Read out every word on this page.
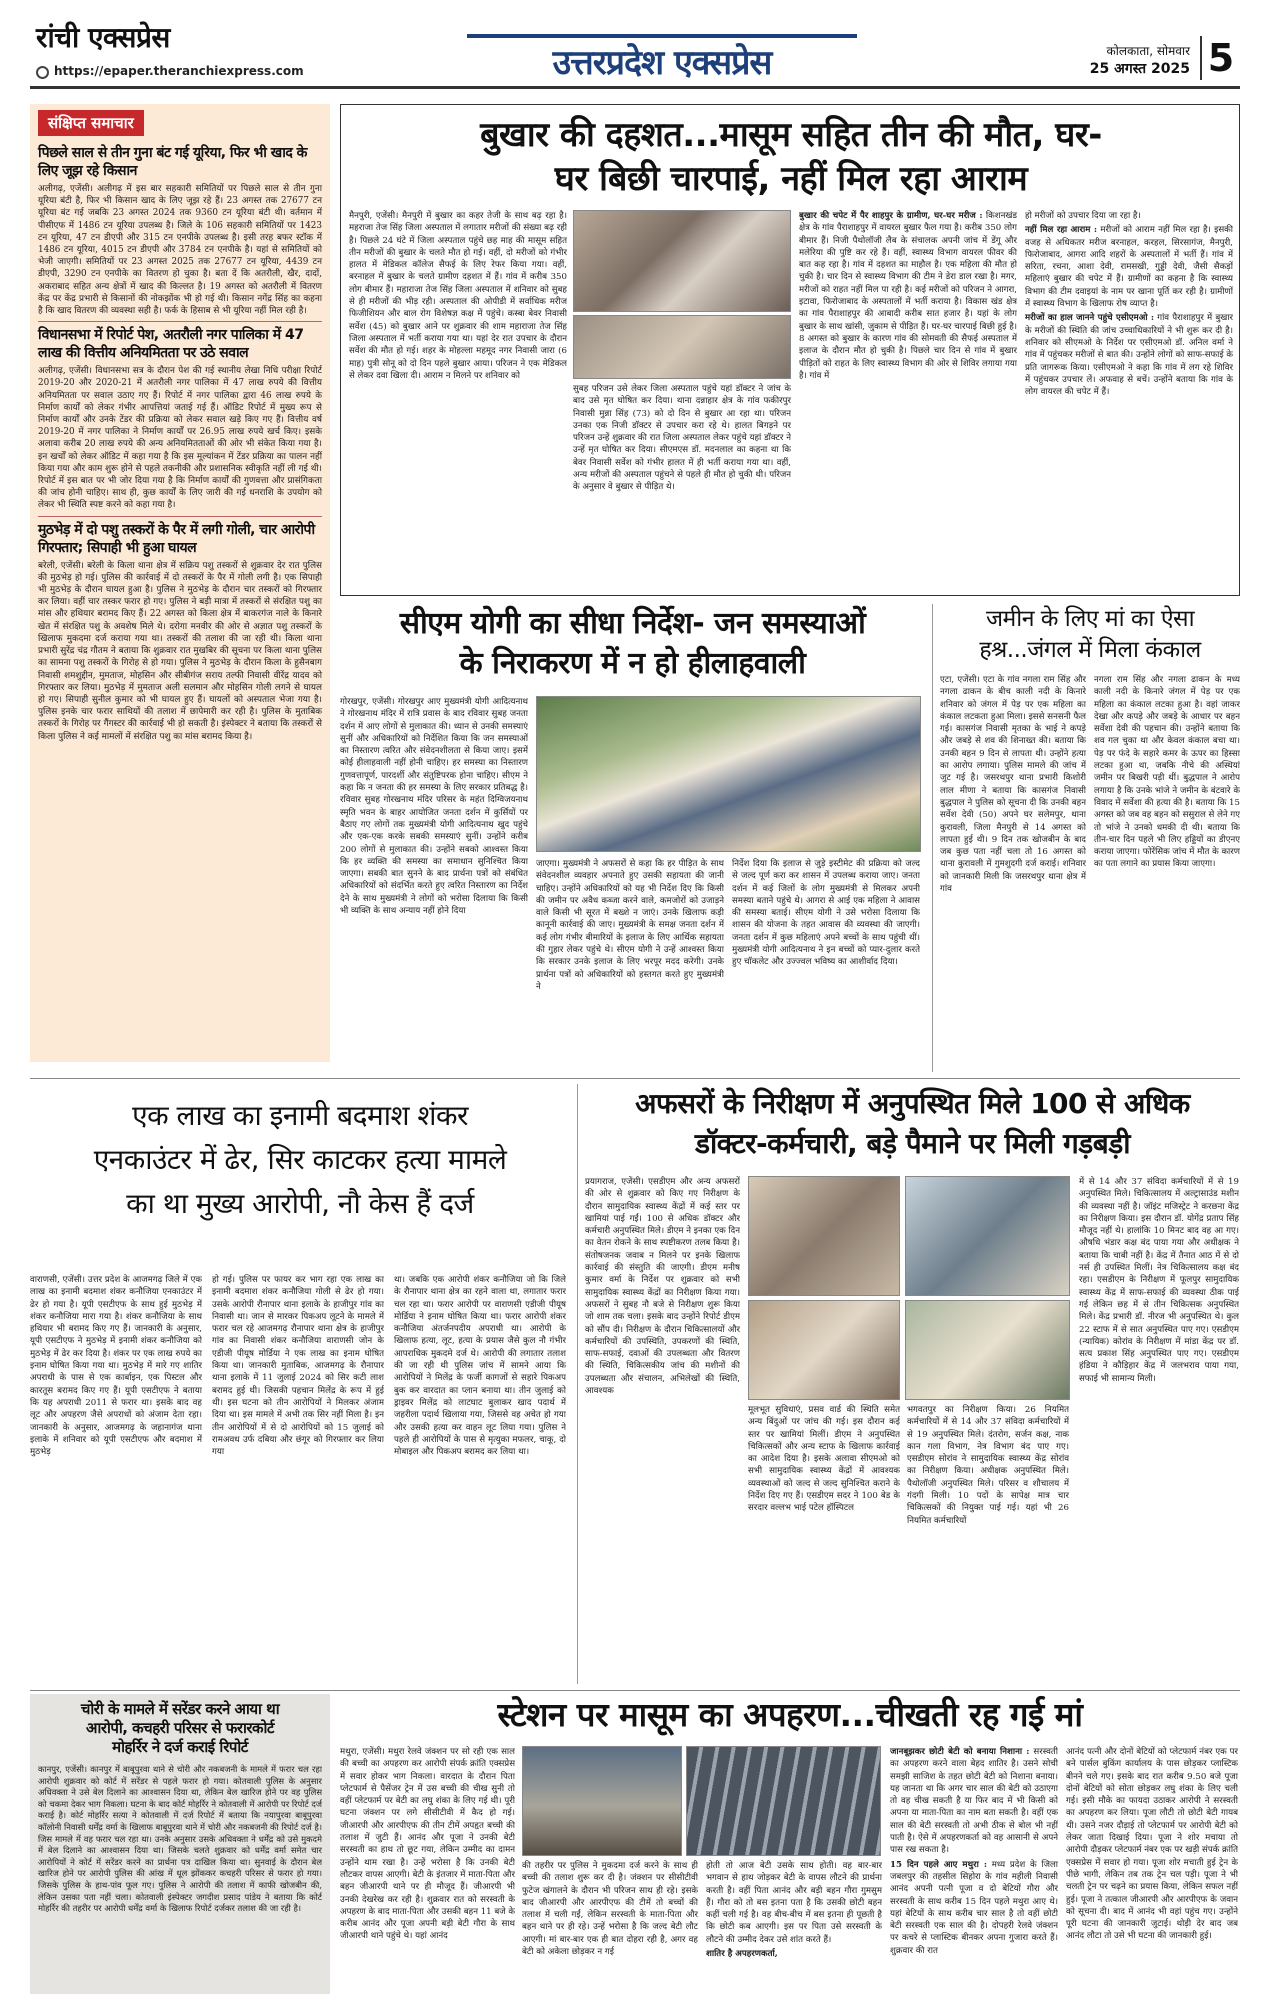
रांची एक्सप्रेस
https://epaper.theranchiexpress.com	उत्तरप्रदेश एक्सप्रेस	कोलकाता, सोमवार
25 अगस्त 2025 5
संक्षिप्त समाचार
पिछले साल से तीन गुना बंट गई यूरिया, फिर भी खाद के लिए जूझ रहे किसान

अलीगढ़, एजेंसी। अलीगढ़ में इस बार सहकारी समितियों पर पिछले साल से तीन गुना यूरिया बंटी है, फिर भी किसान खाद के लिए जूझ रहे हैं। 23 अगस्त तक 27677 टन यूरिया बंट गई जबकि 23 अगस्त 2024 तक 9360 टन यूरिया बंटी थी। वर्तमान में पीसीएफ में 1486 टन यूरिया उपलब्ध है। जिले के 106 सहकारी समितियों पर 1423 टन यूरिया, 47 टन डीएपी और 315 टन एनपीके उपलब्ध है। इसी तरह बफर स्टॉक में 1486 टन यूरिया, 4015 टन डीएपी और 3784 टन एनपीके है। यहां से समितियों को भेजी जाएगी। समितियों पर 23 अगस्त 2025 तक 27677 टन यूरिया, 4439 टन डीएपी, 3290 टन एनपीके का वितरण हो चुका है। बता दें कि अतरौली, खैर, दादों, अकराबाद सहित अन्य क्षेत्रों में खाद की किल्लत है। 19 अगस्त को अतरौली में वितरण केंद्र पर केंद्र प्रभारी से किसानों की नोकझोंक भी हो गई थी। किसान नगेंद्र सिंह का कहना है कि खाद वितरण की व्यवस्था सही है। फर्क के हिसाब से भी यूरिया नहीं मिल रही है।

विधानसभा में रिपोर्ट पेश, अतरौली नगर पालिका में 47 लाख की वित्तीय अनियमितता पर उठे सवाल

अलीगढ़, एजेंसी। विधानसभा सत्र के दौरान पेश की गई स्थानीय लेखा निधि परीक्षा रिपोर्ट 2019-20 और 2020-21 में अतरौली नगर पालिका में 47 लाख रुपये की वित्तीय अनियमितता पर सवाल उठाए गए हैं। रिपोर्ट में नगर पालिका द्वारा 46 लाख रुपये के निर्माण कार्यों को लेकर गंभीर आपत्तियां जताई गई हैं। ऑडिट रिपोर्ट में मुख्य रूप से निर्माण कार्यों और उनके टेंडर की प्रक्रिया को लेकर सवाल खड़े किए गए हैं। वित्तीय वर्ष 2019-20 में नगर पालिका ने निर्माण कार्यों पर 26.95 लाख रुपये खर्च किए। इसके अलावा करीब 20 लाख रुपये की अन्य अनियमितताओं की ओर भी संकेत किया गया है। इन खर्चों को लेकर ऑडिट में कहा गया है कि इस मूल्यांकन में टेंडर प्रक्रिया का पालन नहीं किया गया और काम शुरू होने से पहले तकनीकी और प्रशासनिक स्वीकृति नहीं ली गई थी। रिपोर्ट में इस बात पर भी जोर दिया गया है कि निर्माण कार्यों की गुणवत्ता और प्रासंगिकता की जांच होनी चाहिए। साथ ही, कुछ कार्यों के लिए जारी की गई धनराशि के उपयोग को लेकर भी स्थिति स्पष्ट करने को कहा गया है।

मुठभेड़ में दो पशु तस्करों के पैर में लगी गोली, चार आरोपी गिरफ्तार; सिपाही भी हुआ घायल

बरेली, एजेंसी। बरेली के किला थाना क्षेत्र में सक्रिय पशु तस्करों से शुक्रवार देर रात पुलिस की मुठभेड़ हो गई। पुलिस की कार्रवाई में दो तस्करों के पैर में गोली लगी है। एक सिपाही भी मुठभेड़ के दौरान घायल हुआ है। पुलिस ने मुठभेड़ के दौरान चार तस्करों को गिरफ्तार कर लिया। वहीं चार तस्कर फरार हो गए। पुलिस ने बड़ी मात्रा में तस्करों से संरक्षित पशु का मांस और हथियार बरामद किए हैं। 22 अगस्त को किला क्षेत्र में बाकरगंज नाले के किनारे खेत में संरक्षित पशु के अवशेष मिले थे। दरोगा मनवीर की ओर से अज्ञात पशु तस्करों के खिलाफ मुकदमा दर्ज कराया गया था। तस्करों की तलाश की जा रही थी। किला थाना प्रभारी सुरेंद्र चंद्र गौतम ने बताया कि शुक्रवार रात मुखबिर की सूचना पर किला थाना पुलिस का सामना पशु तस्करों के गिरोह से हो गया। पुलिस ने मुठभेड़ के दौरान किला के हुसैनबाग निवासी शमशुद्दीन, मुमताज, मोहसिन और सीबीगंज सराय तल्फी निवासी वीरेंद्र यादव को गिरफ्तार कर लिया। मुठभेड़ में मुमताज अली सलमान और मोहसिन गोली लगने से घायल हो गए। सिपाही सुनील कुमार को भी घायल हुए हैं। घायलों को अस्पताल भेजा गया है। पुलिस इनके चार फरार साथियों की तलाश में छापेमारी कर रही है। पुलिस के मुताबिक तस्करों के गिरोह पर गैंगस्टर की कार्रवाई भी हो सकती है। इंस्पेक्टर ने बताया कि तस्करों से किला पुलिस ने कई मामलों में संरक्षित पशु का मांस बरामद किया है।

बुखार की दहशत...मासूम सहित तीन की मौत, घर-
घर बिछी चारपाई, नहीं मिल रहा आराम

मैनपुरी, एजेंसी। मैनपुरी में बुखार का कहर तेजी के साथ बढ़ रहा है। महराजा तेज सिंह जिला अस्पताल में लगातार मरीजों की संख्या बढ़ रही है। पिछले 24 घंटे में जिला अस्पताल पहुंचे छह माह की मासूम सहित तीन मरीजों की बुखार के चलते मौत हो गई। वहीं, दो मरीजों को गंभीर हालत में मेडिकल कॉलेज सैफई के लिए रेफर किया गया। वहीं, बरनाहल में बुखार के चलते ग्रामीण दहशत में हैं। गांव में करीब 350 लोग बीमार हैं। महाराजा तेज सिंह जिला अस्पताल में शनिवार को सुबह से ही मरीजों की भीड़ रही। अस्पताल की ओपीडी में सर्वाधिक मरीज फिजीशियन और बाल रोग विशेषज्ञ कक्ष में पहुंचे। कस्बा बेवर निवासी सर्वेश (45) को बुखार आने पर शुक्रवार की शाम महाराजा तेज सिंह जिला अस्पताल में भर्ती कराया गया था। यहां देर रात उपचार के दौरान सर्वेश की मौत हो गई। शहर के मोहल्ला महमूद नगर निवासी जारा (6 माह) पुत्री सोनू को दो दिन पहले बुखार आया। परिजन ने एक मेडिकल से लेकर दवा खिला दी। आराम न मिलने पर शनिवार को

सुबह परिजन उसे लेकर जिला अस्पताल पहुंचे यहां डॉक्टर ने जांच के बाद उसे मृत घोषित कर दिया। थाना दन्नाहार क्षेत्र के गांव फकीरपुर निवासी मुन्ना सिंह (73) को दो दिन से बुखार आ रहा था। परिजन उनका एक निजी डॉक्टर से उपचार करा रहे थे। हालत बिगड़ने पर परिजन उन्हें शुक्रवार की रात जिला अस्पताल लेकर पहुंचे यहां डॉक्टर ने उन्हें मृत घोषित कर दिया। सीएमएस डॉ. मदनलाल का कहना था कि बेवर निवासी सर्वेश को गंभीर हालत में ही भर्ती कराया गया था। वहीं, अन्य मरीजों की अस्पताल पहुंचने से पहले ही मौत हो चुकी थी। परिजन के अनुसार वे बुखार से पीड़ित थे।

बुखार की चपेट में पैर शाहपुर के ग्रामीण, घर-घर मरीज : किशनखंड क्षेत्र के गांव पैराशाहपुर में वायरल बुखार फैल गया है। करीब 350 लोग बीमार हैं। निजी पैथोलॉजी लैब के संचालक अपनी जांच में डेंगू और मलेरिया की पुष्टि कर रहे हैं। वहीं, स्वास्थ्य विभाग वायरल फीवर की बात कह रहा है। गांव में दहशत का माहौल है। एक महिला की मौत हो चुकी है। चार दिन से स्वास्थ्य विभाग की टीम ने डेरा डाल रखा है। मगर, मरीजों को राहत नहीं मिल पा रही है। कई मरीजों को परिजन ने आगरा, इटावा, फिरोजाबाद के अस्पतालों में भर्ती कराया है। विकास खंड क्षेत्र का गांव पैराशाहपुर की आबादी करीब सात हजार है। यहां के लोग बुखार के साथ खांसी, जुकाम से पीड़ित हैं। घर-घर चारपाई बिछी हुई है। 8 अगस्त को बुखार के कारण गांव की सोमवती की सैफई अस्पताल में इलाज के दौरान मौत हो चुकी है। पिछले चार दिन से गांव में बुखार पीड़ितों को राहत के लिए स्वास्थ्य विभाग की ओर से शिविर लगाया गया है। गांव में

हो मरीजों को उपचार दिया जा रहा है।

नहीं मिल रहा आराम : मरीजों को आराम नहीं मिल रहा है। इसकी वजह से अधिकतर मरीज बरनाहल, करहल, सिरसागंज, मैनपुरी, फिरोजाबाद, आगरा आदि शहरों के अस्पतालों में भर्ती हैं। गांव में सरिता, रचना, आशा देवी, रामसखी, गुड्डी देवी, जैसी सैकड़ों महिलाएं बुखार की चपेट में हैं। ग्रामीणों का कहना है कि स्वास्थ्य विभाग की टीम दवाइयां के नाम पर खाना पूर्ति कर रही है। ग्रामीणों में स्वास्थ्य विभाग के खिलाफ रोष व्याप्त है।

मरीजों का हाल जानने पहुंचे एसीएमओ : गांव पैराशाहपुर में बुखार के मरीजों की स्थिति की जांच उच्चाधिकारियों ने भी शुरू कर दी है। शनिवार को सीएमओ के निर्देश पर एसीएमओ डॉ. अनिल वर्मा ने गांव में पहुंचकर मरीजों से बात की। उन्होंने लोगों को साफ-सफाई के प्रति जागरूक किया। एसीएमओ ने कहा कि गांव में लग रहे शिविर में पहुंचकर उपचार लें। अफवाह से बचें। उन्होंने बताया कि गांव के लोग वायरल की चपेट में हैं।

सीएम योगी का सीधा निर्देश- जन समस्याओं
के निराकरण में न हो हीलाहवाली

गोरखपुर, एजेंसी। गोरखपुर आए मुख्यमंत्री योगी आदित्यनाथ ने गोरखनाथ मंदिर में रात्रि प्रवास के बाद रविवार सुबह जनता दर्शन में आए लोगों से मुलाकात की। ध्यान से उनकी समस्याएं सुनीं और अधिकारियों को निर्देशित किया कि जन समस्याओं का निस्तारण त्वरित और संवेदनशीलता से किया जाए। इसमें कोई हीलाहवाली नहीं होनी चाहिए। हर समस्या का निस्तारण गुणवत्तापूर्ण, पारदर्शी और संतुष्टिपरक होना चाहिए। सीएम ने कहा कि न जनता की हर समस्या के लिए सरकार प्रतिबद्ध है। रविवार सुबह गोरखनाथ मंदिर परिसर के महंत दिग्विजयनाथ स्मृति भवन के बाहर आयोजित जनता दर्शन में कुर्सियों पर बैठाए गए लोगों तक मुख्यमंत्री योगी आदित्यनाथ खुद पहुंचे और एक-एक करके सबकी समस्याएं सुनीं। उन्होंने करीब 200 लोगों से मुलाकात की। उन्होंने सबको आश्वस्त किया कि हर व्यक्ति की समस्या का समाधान सुनिश्चित किया जाएगा। सबकी बात सुनने के बाद प्रार्थना पत्रों को संबंधित अधिकारियों को संदर्भित करते हुए त्वरित निस्तारण का निर्देश देने के साथ मुख्यमंत्री ने लोगों को भरोसा दिलाया कि किसी भी व्यक्ति के साथ अन्याय नहीं होने दिया

जाएगा। मुख्यमंत्री ने अफसरों से कहा कि हर पीड़ित के साथ संवेदनशील व्यवहार अपनाते हुए उसकी सहायता की जानी चाहिए। उन्होंने अधिकारियों को यह भी निर्देश दिए कि किसी की जमीन पर अवैध कब्जा करने वाले, कमजोरों को उजाड़ने वाले किसी भी सूरत में बख्शे न जाएं। उनके खिलाफ कड़ी कानूनी कार्रवाई की जाए। मुख्यमंत्री के समक्ष जनता दर्शन में कई लोग गंभीर बीमारियों के इलाज के लिए आर्थिक सहायता की गुहार लेकर पहुंचे थे। सीएम योगी ने उन्हें आश्वस्त किया कि सरकार उनके इलाज के लिए भरपूर मदद करेगी। उनके प्रार्थना पत्रों को अधिकारियों को हस्तगत करते हुए मुख्यमंत्री ने

निर्देश दिया कि इलाज से जुड़े इस्टीमेट की प्रक्रिया को जल्द से जल्द पूर्ण करा कर शासन में उपलब्ध कराया जाए। जनता दर्शन में कई जिलों के लोग मुख्यमंत्री से मिलकर अपनी समस्या बताने पहुंचे थे। आगरा से आई एक महिला ने आवास की समस्या बताई। सीएम योगी ने उसे भरोसा दिलाया कि शासन की योजना के तहत आवास की व्यवस्था की जाएगी। जनता दर्शन में कुछ महिलाएं अपने बच्चों के साथ पहुंची थीं। मुख्यमंत्री योगी आदित्यनाथ ने इन बच्चों को प्यार-दुलार करते हुए चॉकलेट और उज्ज्वल भविष्य का आशीर्वाद दिया।

जमीन के लिए मां का ऐसा
हश्र...जंगल में मिला कंकाल

एटा, एजेंसी। एटा के गांव नगला राम सिंह और नगला ढाकन के बीच काली नदी के किनारे शनिवार को जंगल में पेड़ पर एक महिला का कंकाल लटकता हुआ मिला। इससे सनसनी फैल गई। कासगंज निवासी मृतका के भाई ने कपड़े और जबड़े से शव की शिनाख्त की। बताया कि उनकी बहन 9 दिन से लापता थी। उन्होंने हत्या का आरोप लगाया। पुलिस मामले की जांच में जुट गई है। जसरथपुर थाना प्रभारी किशोरी लाल मीणा ने बताया कि कासगंज निवासी बुद्धपाल ने पुलिस को सूचना दी कि उनकी बहन सर्वेश देवी (50) अपने घर सलेमपुर, थाना कुरावली, जिला मैनपुरी से 14 अगस्त को लापता हुई थी। 9 दिन तक खोजबीन के बाद जब कुछ पता नहीं चला तो 16 अगस्त को थाना कुरावली में गुमशुदगी दर्ज कराई। शनिवार को जानकारी मिली कि जसरथपुर थाना क्षेत्र में गांव

नगला राम सिंह और नगला ढाकन के मध्य काली नदी के किनारे जंगल में पेड़ पर एक महिला का कंकाल लटका हुआ है। वहां जाकर देखा और कपड़े और जबड़े के आधार पर बहन सर्वेशा देवी की पहचान की। उन्होंने बताया कि शव गल चुका था और केवल कंकाल बचा था। पेड़ पर फंदे के सहारे कमर के ऊपर का हिस्सा लटका हुआ था, जबकि नीचे की अस्थियां जमीन पर बिखरी पड़ी थीं। बुद्धपाल ने आरोप लगाया है कि उनके भांजे ने जमीन के बंटवारे के विवाद में सर्वेशा की हत्या की है। बताया कि 15 अगस्त को जब वह बहन को ससुराल से लेने गए तो भांजे ने उनको धमकी दी थी। बताया कि तीन-चार दिन पहले भी लिए हड्डियों का डीएनए कराया जाएगा। फोरेंसिक जांच में मौत के कारण का पता लगाने का प्रयास किया जाएगा।

एक लाख का इनामी बदमाश शंकर
एनकाउंटर में ढेर, सिर काटकर हत्या मामले
का था मुख्य आरोपी, नौ केस हैं दर्ज

वाराणसी, एजेंसी। उत्तर प्रदेश के आजमगढ़ जिले में एक लाख का इनामी बदमाश शंकर कनौजिया एनकाउंटर में ढेर हो गया है। यूपी एसटीएफ के साथ हुई मुठभेड़ में शंकर कनौजिया मारा गया है। शंकर कनौजिया के साथ हथियार भी बरामद किए गए हैं। जानकारी के अनुसार, यूपी एसटीएफ ने मुठभेड़ में इनामी शंकर कनौजिया को मुठभेड़ में ढेर कर दिया है। शंकर पर एक लाख रुपये का इनाम घोषित किया गया था। मुठभेड़ में मारे गए शातिर अपराधी के पास से एक कार्बाइन, एक पिस्टल और कारतूस बरामद किए गए हैं। यूपी एसटीएफ ने बताया कि यह अपराधी 2011 से फरार था। इसके बाद वह लूट और अपहरण जैसे अपराधों को अंजाम देता रहा। जानकारी के अनुसार, आजमगढ़ के जहानागंज थाना इलाके में शनिवार को यूपी एसटीएफ और बदमाश में मुठभेड़

हो गई। पुलिस पर फायर कर भाग रहा एक लाख का इनामी बदमाश शंकर कनौजिया गोली से ढेर हो गया। उसके आरोपी रौनापार थाना इलाके के हाजीपुर गांव का निवासी था। जान से मारकर पिकअप लूटने के मामले में फरार चल रहे आजमगढ़ रौनापार थाना क्षेत्र के हाजीपुर गांव का निवासी शंकर कनौजिया वाराणसी जोन के एडीजी पीयूष मोर्डिया ने एक लाख का इनाम घोषित किया था। जानकारी मुताबिक, आजमगढ़ के रौनापार थाना इलाके में 11 जुलाई 2024 को सिर कटी लाश बरामद हुई थी। जिसकी पहचान मिलेंद्र के रूप में हुई थी। इस घटना को तीन आरोपियों ने मिलकर अंजाम दिया था। इस मामले में अभी तक सिर नहीं मिला है। इन तीन आरोपियों में से दो आरोपियों को 15 जुलाई को रामअवध उर्फ दबिया और छंगूर को गिरफ्तार कर लिया गया

था। जबकि एक आरोपी शंकर कनौजिया जो कि जिले के रौनापार थाना क्षेत्र का रहने वाला था, लगातार फरार चल रहा था। फरार आरोपी पर वाराणसी एडीजी पीयूष मोर्डिया ने इनाम घोषित किया था। फरार आरोपी शंकर कनौजिया अंतर्जनपदीय अपराधी था। आरोपी के खिलाफ हत्या, लूट, हत्या के प्रयास जैसे कुल नौ गंभीर आपराधिक मुकदमे दर्ज थे। आरोपी की लगातार तलाश की जा रही थी पुलिस जांच में सामने आया कि आरोपियों ने मिलेंद्र के फर्जी कागजों से सहारे पिकअप बुक कर वारदात का प्लान बनाया था। तीन जुलाई को ड्राइवर मिलेंद्र को लाटघाट बुलाकर खाद पदार्थ में जहरीला पदार्थ खिलाया गया, जिससे वह अचेत हो गया और उसकी हत्या कर वाहन लूट लिया गया। पुलिस ने पहले ही आरोपियों के पास से मृत्युका मफलर, चाकू, दो मोबाइल और पिकअप बरामद कर लिया था।

अफसरों के निरीक्षण में अनुपस्थित मिले 100 से अधिक
डॉक्टर-कर्मचारी, बड़े पैमाने पर मिली गड़बड़ी

प्रयागराज, एजेंसी। एसडीएम और अन्य अफसरों की ओर से शुक्रवार को किए गए निरीक्षण के दौरान सामुदायिक स्वास्थ्य केंद्रों में कई स्तर पर खामियां पाई गईं। 100 से अधिक डॉक्टर और कर्मचारी अनुपस्थित मिले। डीएम ने इनका एक दिन का वेतन रोकने के साथ स्पष्टीकरण तलब किया है। संतोषजनक जवाब न मिलने पर इनके खिलाफ कार्रवाई की संस्तुति की जाएगी। डीएम मनीष कुमार वर्मा के निर्देश पर शुक्रवार को सभी सामुदायिक स्वास्थ्य केंद्रों का निरीक्षण किया गया। अफसरों ने सुबह नौ बजे से निरीक्षण शुरू किया जो शाम तक चला। इसके बाद उन्होंने रिपोर्ट डीएम को सौंप दी। निरीक्षण के दौरान चिकित्सालयों और कर्मचारियों की उपस्थिति, उपकरणों की स्थिति, साफ-सफाई, दवाओं की उपलब्धता और वितरण की स्थिति, चिकित्सकीय जांच की मशीनों की उपलब्धता और संचालन, अभिलेखों की स्थिति, आवश्यक

मूलभूत सुविधाएं, प्रसव वार्ड की स्थिति समेत अन्य बिंदुओं पर जांच की गई। इस दौरान कई स्तर पर खामियां मिलीं। डीएम ने अनुपस्थित चिकित्सकों और अन्य स्टाफ के खिलाफ कार्रवाई का आदेश दिया है। इसके अलावा सीएमओ को सभी सामुदायिक स्वास्थ्य केंद्रों में आवश्यक व्यवस्थाओं को जल्द से जल्द सुनिश्चित कराने के निर्देश दिए गए हैं। एसडीएम सदर ने 100 बेड के सरदार वल्लभ भाई पटेल हॉस्पिटल

भगवतपुर का निरीक्षण किया। 26 नियमित कर्मचारियों में से 14 और 37 संविदा कर्मचारियों में से 19 अनुपस्थित मिले। दंतरोग, सर्जन कक्ष, नाक कान गला विभाग, नेत्र विभाग बंद पाए गए। एसडीएम सोरांव ने सामुदायिक स्वास्थ्य केंद्र सोरांव का निरीक्षण किया। अधीक्षक अनुपस्थित मिले। पैथोलॉजी अनुपस्थित मिले। परिसर व शौचालय में गंदगी मिली। 10 पदों के सापेक्ष मात्र चार चिकित्सकों की नियुक्त पाई गई। यहां भी 26 नियमित कर्मचारियों

में से 14 और 37 संविदा कर्मचारियों में से 19 अनुपस्थित मिले। चिकित्सालय में अल्ट्रासाउंड मशीन की व्यवस्था नहीं है। जॉइंट मजिस्ट्रेट ने करछना केंद्र का निरीक्षण किया। इस दौरान डॉ. योगेंद्र प्रताप सिंह मौजूद नहीं थे। हालांकि 10 मिनट बाद वह आ गए। औषधि भंडार कक्ष बंद पाया गया और अधीक्षक ने बताया कि चाबी नहीं है। केंद्र में तैनात आठ में से दो नर्स ही उपस्थित मिलीं। नेत्र चिकित्सालय कक्ष बंद रहा। एसडीएम के निरीक्षण में फूलपुर सामुदायिक स्वास्थ्य केंद्र में साफ-सफाई की व्यवस्था ठीक पाई गई लेकिन छह में से तीन चिकित्सक अनुपस्थित मिले। केंद्र प्रभारी डॉ. नीरज भी अनुपस्थित थे। कुल 22 स्टाफ में से सात अनुपस्थित पाए गए। एसडीएम (न्यायिक) कोरांव के निरीक्षण में मांडा केंद्र पर डॉ. सत्य प्रकाश सिंह अनुपस्थित पाए गए। एसडीएम हंडिया ने कौड़िहार केंद्र में जलभराव पाया गया, सफाई भी सामान्य मिली।

चोरी के मामले में सरेंडर करने आया था
आरोपी, कचहरी परिसर से फरारकोर्ट
मोहर्रिर ने दर्ज कराई रिपोर्ट

कानपुर, एजेंसी। कानपुर में बाबूपुरवा थाने से चोरी और नकबजनी के मामले में फरार चल रहा आरोपी शुक्रवार को कोर्ट में सरेंडर से पहले फरार हो गया। कोतवाली पुलिस के अनुसार अधिवक्ता ने उसे बेल दिलाने का आश्वासन दिया था, लेकिन बेल खारिज होने पर वह पुलिस को चकमा देकर भाग निकला। घटना के बाद कोर्ट मोहर्रिर ने कोतवाली में आरोपी पर रिपोर्ट दर्ज कराई है। कोर्ट मोहर्रिर सत्या ने कोतवाली में दर्ज रिपोर्ट में बताया कि नयापुरवा बाबूपुरवा कॉलोनी निवासी धर्मेंद्र वर्मा के खिलाफ बाबूपुरवा थाने में चोरी और नकबजनी की रिपोर्ट दर्ज है। जिस मामले में वह फरार चल रहा था। उनके अनुसार उसके अधिवक्ता ने धर्मेंद्र को उसे मुकदमे में बेल दिलाने का आश्वासन दिया था। जिसके चलते शुक्रवार को धर्मेंद्र वर्मा समेत चार आरोपियों ने कोर्ट में सरेंडर करने का प्रार्थना पत्र दाखिल किया था। सुनवाई के दौरान बेल खारिज होने पर आरोपी पुलिस की आंख में धूल झोंककर कचहरी परिसर से फरार हो गया। जिसके पुलिस के हाथ-पांव फूल गए। पुलिस ने आरोपी की तलाश में काफी खोजबीन की, लेकिन उसका पता नहीं चला। कोतवाली इंस्पेक्टर जगदीश प्रसाद पांडेय ने बताया कि कोर्ट मोहर्रिर की तहरीर पर आरोपी धर्मेंद्र वर्मा के खिलाफ रिपोर्ट दर्जकर तलाश की जा रही है।

स्टेशन पर मासूम का अपहरण...चीखती रह गई मां

मथुरा, एजेंसी। मथुरा रेलवे जंक्शन पर सो रही एक साल की बच्ची का अपहरण कर आरोपी संपर्क क्रांति एक्सप्रेस में सवार होकर भाग निकला। वारदात के दौरान पिता प्लेटफार्म से पैसेंजर ट्रेन में उस बच्ची की चीख सुनी तो वहीं प्लेटफार्म पर बेटी का लघु शंका के लिए गई थी। पूरी घटना जंक्शन पर लगे सीसीटीवी में कैद हो गई। जीआरपी और आरपीएफ की तीन टीमें अपहृत बच्ची की तलाश में जुटी हैं। आनंद और पूजा ने उनकी बेटी सरस्वती का हाथ तो छूट गया, लेकिन उम्मीद का दामन उन्होंने थाम रखा है। उन्हें भरोसा है कि उनकी बेटी लौटकर वापस आएगी। बेटी के इंतजार में माता-पिता और बहन जीआरपी थाने पर ही मौजूद हैं। जीआरपी भी उनकी देखरेख कर रही है। शुक्रवार रात को सरस्वती के अपहरण के बाद माता-पिता और उसकी बहन 11 बजे के करीब आनंद और पूजा अपनी बड़ी बेटी गौरा के साथ जीआरपी थाने पहुंचे थे। यहां आनंद

की तहरीर पर पुलिस ने मुकदमा दर्ज करने के साथ ही बच्ची की तलाश शुरू कर दी है। जंक्शन पर सीसीटीवी फुटेज खंगालने के दौरान भी परिजन साथ ही रहे। इसके बाद जीआरपी और आरपीएफ की टीमें तो बच्चों की तलाश में चली गईं, लेकिन सरस्वती के माता-पिता और बहन थाने पर ही रहे। उन्हें भरोसा है कि जल्द बेटी लौट आएगी। मां बार-बार एक ही बात दोहरा रही है, अगर वह बेटी को अकेला छोड़कर न गई

होती तो आज बेटी उसके साथ होती। वह बार-बार भगवान से हाथ जोड़कर बेटी के वापस लौटने की प्रार्थना करती है। वहीं पिता आनंद और बड़ी बहन गौरा गुमसुम हैं। गौरा को तो बस इतना पता है कि उसकी छोटी बहन कहीं चली गई है। वह बीच-बीच में बस इतना ही पूछती है कि छोटी कब आएगी। इस पर पिता उसे सरस्वती के लौटने की उम्मीद देकर उसे शांत करते हैं।

शातिर है अपहरणकर्ता,

जानबूझकर छोटी बेटी को बनाया निशाना : सरस्वती का अपहरण करने वाला बेहद शातिर है। उसने सोची समझी साजिश के तहत छोटी बेटी को निशाना बनाया। यह जानता था कि अगर चार साल की बेटी को उठाएगा तो वह चीख सकती है या फिर बाद में भी किसी को अपना या माता-पिता का नाम बता सकती है। वहीं एक साल की बेटी सरस्वती तो अभी ठीक से बोल भी नहीं पाती है। ऐसे में अपहरणकर्ता को वह आसानी से अपने पास रख सकता है।

15 दिन पहले आए मथुरा : मध्य प्रदेश के जिला जबलपुर की तहसील सिहोरा के गांव महीली निवासी आनंद अपनी पत्नी पूजा व दो बेटियों गौरा और सरस्वती के साथ करीब 15 दिन पहले मथुरा आए थे। यहां बेटियों के साथ करीब चार साल है तो वहीं छोटी बेटी सरस्वती एक साल की है। दोपहरी रेलवे जंक्शन पर कचरे से प्लास्टिक बीनकर अपना गुजारा करते हैं। शुक्रवार की रात

आनंद पत्नी और दोनों बेटियों को प्लेटफार्म नंबर एक पर बने पार्सल बुकिंग कार्यालय के पास छोड़कर प्लास्टिक बीनने चले गए। इसके बाद रात करीब 9.50 बजे पूजा दोनों बेटियों को सोता छोड़कर लघु शंका के लिए चली गई। इसी मौके का फायदा उठाकर आरोपी ने सरस्वती का अपहरण कर लिया। पूजा लौटी तो छोटी बेटी गायब थी। उसने नजर दौड़ाई तो प्लेटफार्म पर आरोपी बेटी को लेकर जाता दिखाई दिया। पूजा ने शोर मचाया तो आरोपी दौड़कर प्लेटफार्म नंबर एक पर खड़ी संपर्क क्रांति एक्सप्रेस में सवार हो गया। पूजा शोर मचाती हुई ट्रेन के पीछे भागी, लेकिन तब तक ट्रेन चल पड़ी। पूजा ने भी चलती ट्रेन पर चढ़ने का प्रयास किया, लेकिन सफल नहीं हुई। पूजा ने तत्काल जीआरपी और आरपीएफ के जवान को सूचना दी। बाद में आनंद भी वहां पहुंच गए। उन्होंने पूरी घटना की जानकारी जुटाई। थोड़ी देर बाद जब आनंद लौटा तो उसे भी घटना की जानकारी हुई।
